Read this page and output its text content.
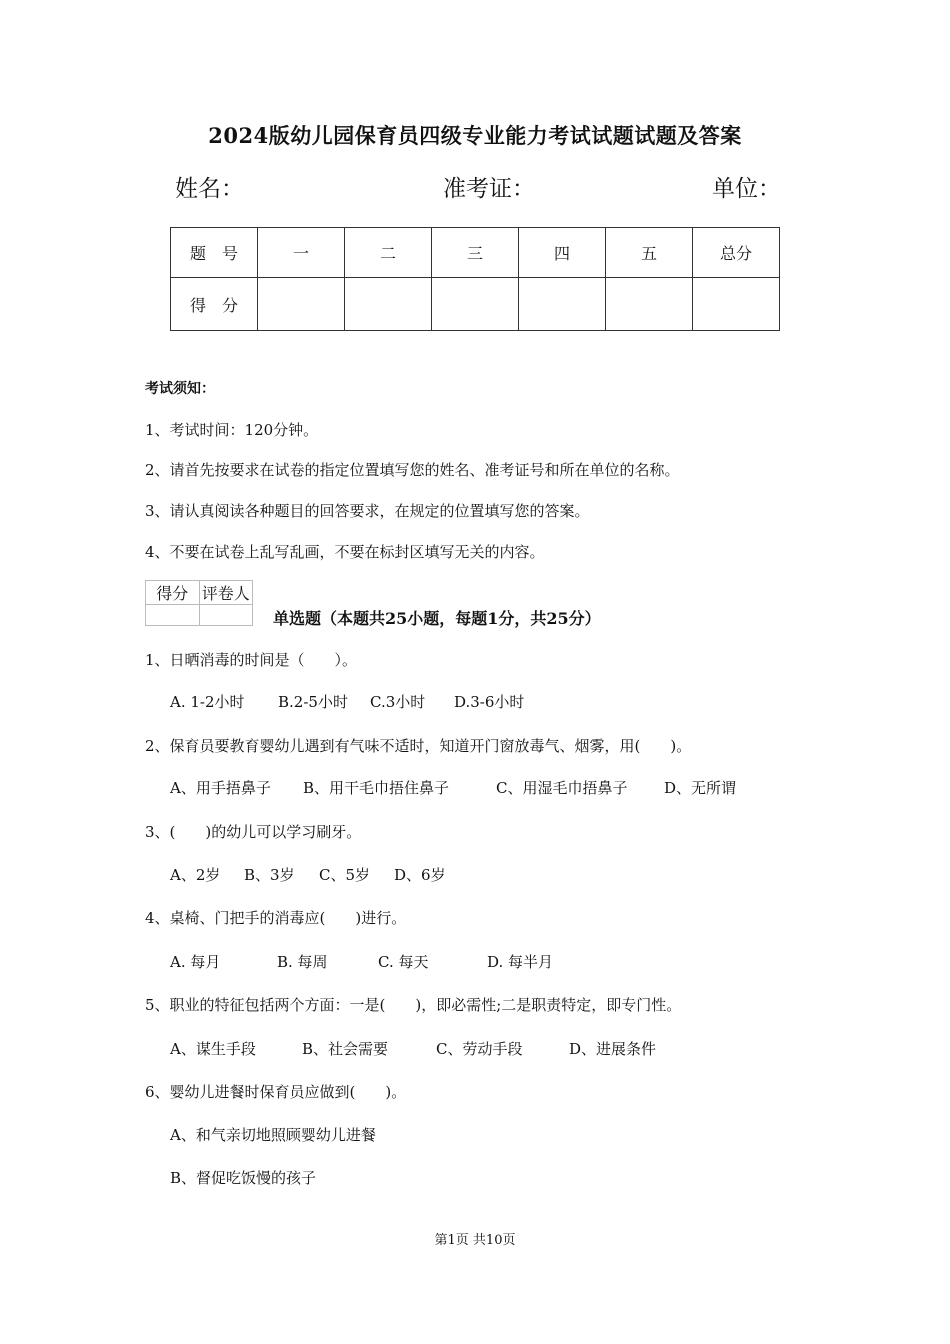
2024版幼儿园保育员四级专业能力考试试题试题及答案
姓名：	准考证：	单位：
题　号	一	二	三	四	五	总分
得　分						
考试须知：
1、考试时间：120分钟。
2、请首先按要求在试卷的指定位置填写您的姓名、准考证号和所在单位的名称。
3、请认真阅读各种题目的回答要求，在规定的位置填写您的答案。
4、不要在试卷上乱写乱画，不要在标封区填写无关的内容。
得分	评卷人

单选题（本题共25小题，每题1分，共25分）
1、日晒消毒的时间是（　　）。
A. 1-2小时 B.2-5小时 C.3小时 D.3-6小时
2、保育员要教育婴幼儿遇到有气味不适时，知道开门窗放毒气、烟雾，用(　　)。
A、用手捂鼻子 B、用干毛巾捂住鼻子	C、用湿毛巾捂鼻子 D、无所谓
3、(　　)的幼儿可以学习刷牙。
A、2岁 B、3岁 C、5岁 D、6岁
4、桌椅、门把手的消毒应(　　)进行。
A. 每月	B. 每周	C. 每天	D. 每半月
5、职业的特征包括两个方面：一是(　　)，即必需性;二是职责特定，即专门性。
A、谋生手段	B、社会需要	C、劳动手段	D、进展条件
6、婴幼儿进餐时保育员应做到(　　)。
A、和气亲切地照顾婴幼儿进餐
B、督促吃饭慢的孩子
第1页 共10页
